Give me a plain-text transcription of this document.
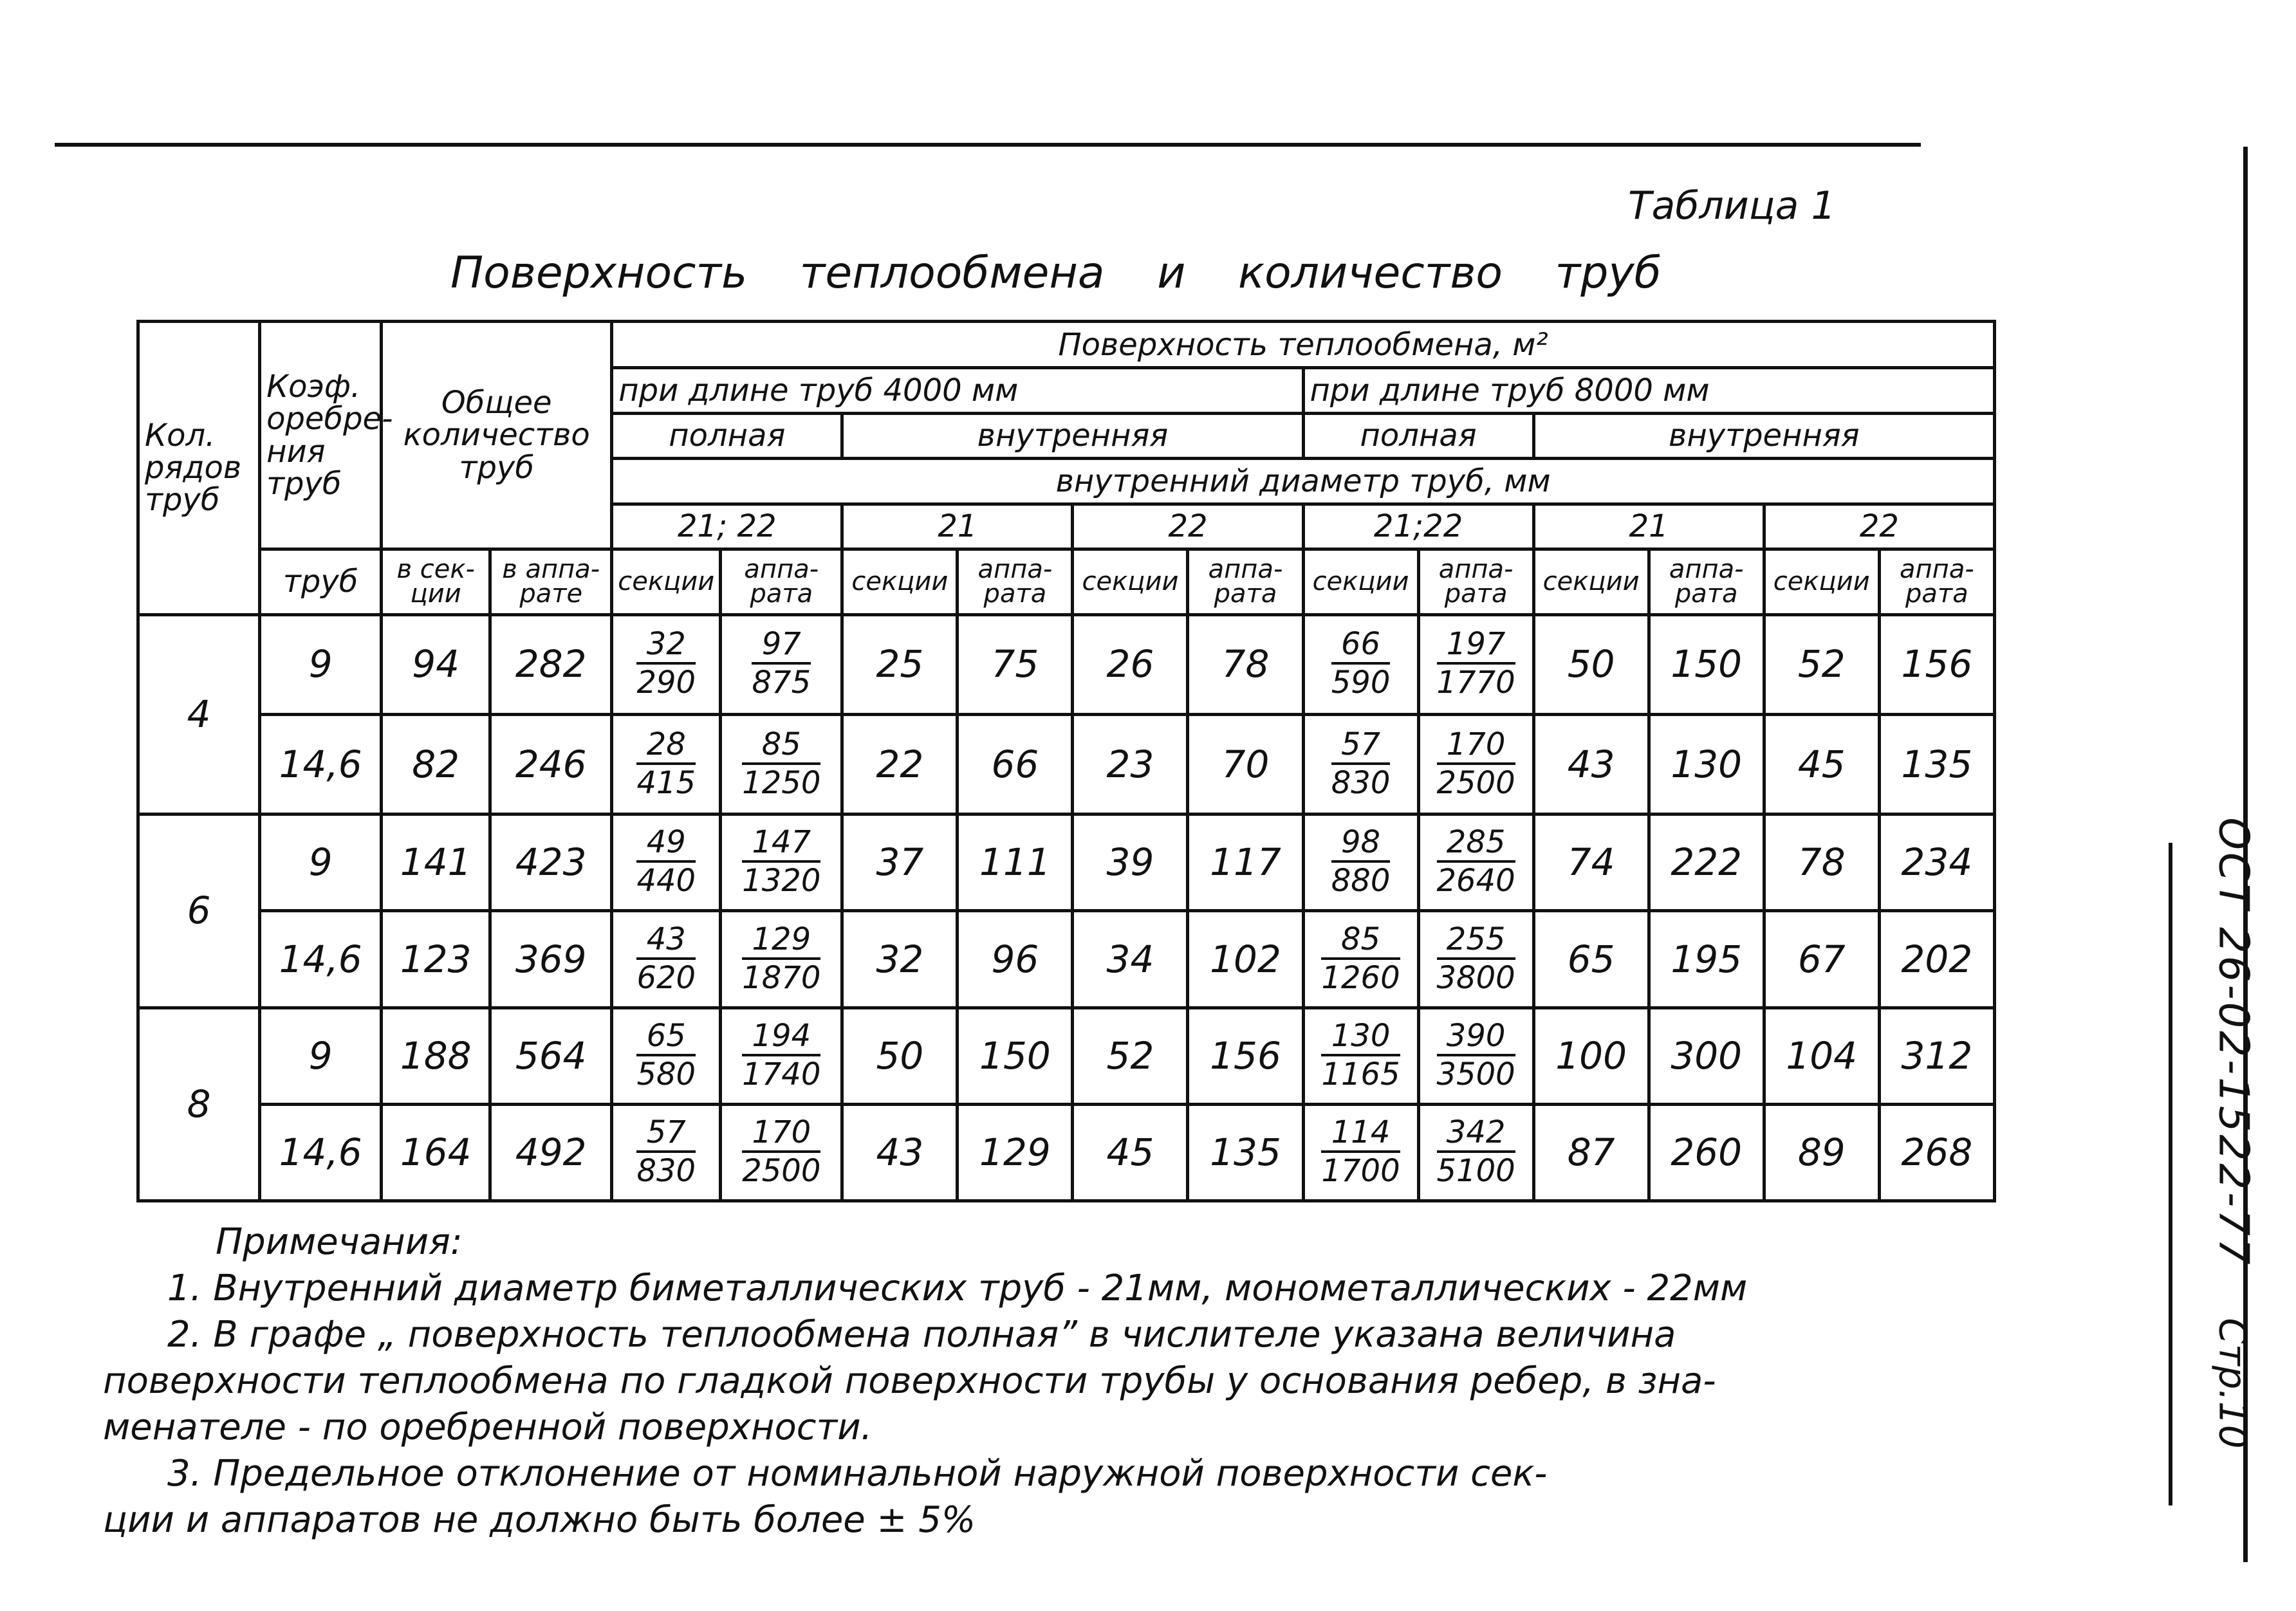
Таблица 1
Поверхность теплообмена и количество труб
ОСТ 26-02-1522-77
Стр.10
Кол. рядов труб	Коэф. оребре-ния труб	Общее количество труб		Поверхность теплообмена, м²											
				при длине труб 4000 мм						при длине труб 8000 мм					
				полная		внутренняя				полная		внутренняя			
				внутренний диаметр труб, мм											
				21; 22		21		22		21;22		21		22	
	труб	в сек-ции	в аппа-рате	секции	аппа-рата	секции	аппа-рата	секции	аппа-рата	секции	аппа-рата	секции	аппа-рата	секции	аппа-рата
4	9	94	282	$\frac{32}{290}$	$\frac{97}{875}$	25	75	26	78	$\frac{66}{590}$	$\frac{197}{1770}$	50	150	52	156
	14,6	82	246	$\frac{28}{415}$	$\frac{85}{1250}$	22	66	23	70	$\frac{57}{830}$	$\frac{170}{2500}$	43	130	45	135
6	9	141	423	$\frac{49}{440}$	$\frac{147}{1320}$	37	111	39	117	$\frac{98}{880}$	$\frac{285}{2640}$	74	222	78	234
	14,6	123	369	$\frac{43}{620}$	$\frac{129}{1870}$	32	96	34	102	$\frac{85}{1260}$	$\frac{255}{3800}$	65	195	67	202
8	9	188	564	$\frac{65}{580}$	$\frac{194}{1740}$	50	150	52	156	$\frac{130}{1165}$	$\frac{390}{3500}$	100	300	104	312
	14,6	164	492	$\frac{57}{830}$	$\frac{170}{2500}$	43	129	45	135	$\frac{114}{1700}$	$\frac{342}{5100}$	87	260	89	268

Примечания:

1. Внутренний диаметр биметаллических труб - 21мм, монометаллических - 22мм

2. В графе „ поверхность теплообмена полная” в числителе указана величина

поверхности теплообмена по гладкой поверхности трубы у основания ребер, в зна-

менателе - по оребренной поверхности.

3. Предельное отклонение от номинальной наружной поверхности сек-

ции и аппаратов не должно быть более ± 5%
